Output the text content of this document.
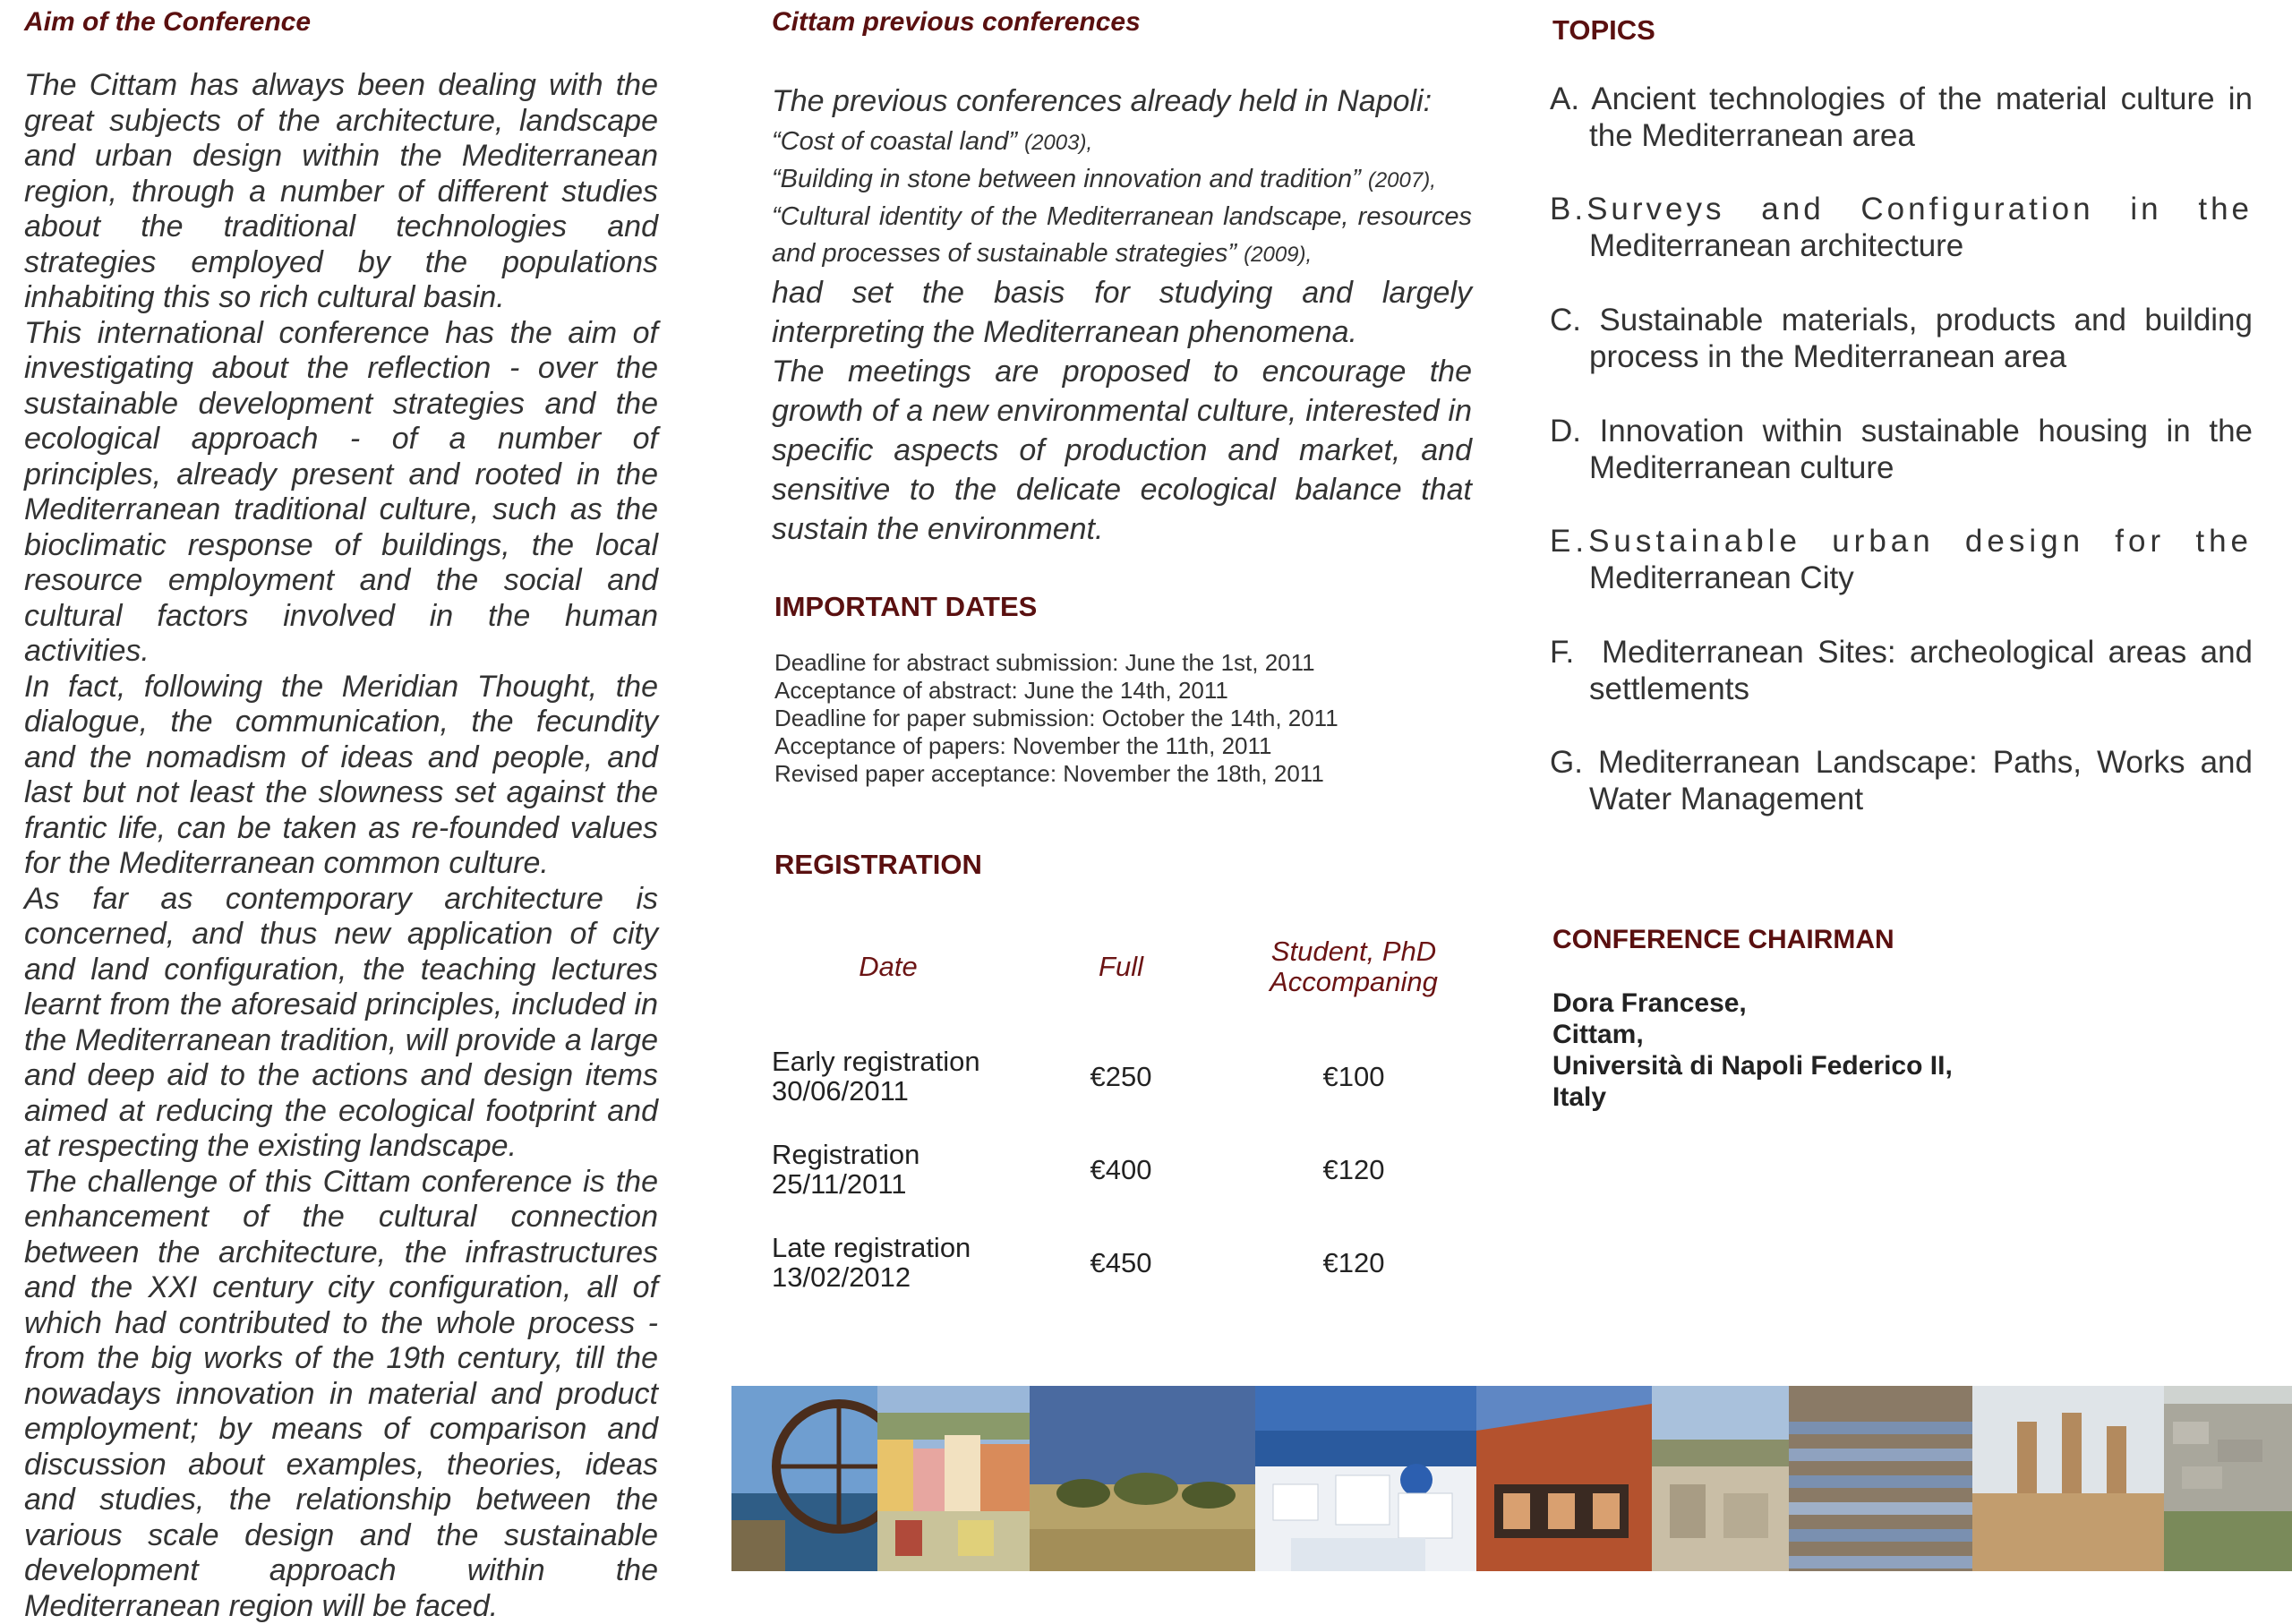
Aim of the Conference

The Cittam has always been dealing with the great subjects of the architecture, landscape and urban design within the Mediterranean region, through a number of different studies about the traditional technologies and strategies employed by the populations inhabiting this so rich cultural basin.

This international conference has the aim of investigating about the reflection - over the sustainable development strategies and the ecological approach - of a number of principles, already present and rooted in the Mediterranean traditional culture, such as the bioclimatic response of buildings, the local resource employment and the social and cultural factors involved in the human activities.

In fact, following the Meridian Thought, the dialogue, the communication, the fecundity and the nomadism of ideas and people, and last but not least the slowness set against the frantic life, can be taken as re-founded values for the Mediterranean common culture.

As far as contemporary architecture is concerned, and thus new application of city and land configuration, the teaching lectures learnt from the aforesaid principles, included in the Mediterranean tradition, will provide a large and deep aid to the actions and design items aimed at reducing the ecological footprint and at respecting the existing landscape.

The challenge of this Cittam conference is the enhancement of the cultural connection between the architecture, the infrastructures and the XXI century city configuration, all of which had contributed to the whole process - from the big works of the 19th century, till the nowadays innovation in material and product employment; by means of comparison and discussion about examples, theories, ideas and studies, the relationship between the various scale design and the sustainable development approach within the Mediterranean region will be faced.

Cittam previous conferences

The previous conferences already held in Napoli:

“Cost of coastal land” (2003),
“Building in stone between innovation and tradition” (2007),
“Cultural identity of the Mediterranean landscape, resources and processes of sustainable strategies” (2009),

had set the basis for studying and largely interpreting the Mediterranean phenomena.

The meetings are proposed to encourage the growth of a new environmental culture, interested in specific aspects of production and market, and sensitive to the delicate ecological balance that sustain the environment.

IMPORTANT DATES
Deadline for abstract submission: June the 1st, 2011
Acceptance of abstract: June the 14th, 2011
Deadline for paper submission: October the 14th, 2011
Acceptance of papers: November the 11th, 2011
Revised paper acceptance: November the 18th, 2011
REGISTRATION
Date	Full	Student, PhD
Accompaning

Early registration
30/06/2011	€250	€100
Registration
25/11/2011	€400	€120
Late registration
13/02/2012	€450	€120
TOPICS
A. Ancient technologies of the material culture in
the Mediterranean area
B.Surveys and Configuration in the
Mediterranean architecture
C. Sustainable materials, products and building
process in the Mediterranean area
D. Innovation within sustainable housing in the
Mediterranean culture
E.Sustainable urban design for the
Mediterranean City
F. Mediterranean Sites: archeological areas and
settlements
G. Mediterranean Landscape: Paths, Works and
Water Management
CONFERENCE CHAIRMAN
Dora Francese,
Cittam,
Università di Napoli Federico II,
Italy
